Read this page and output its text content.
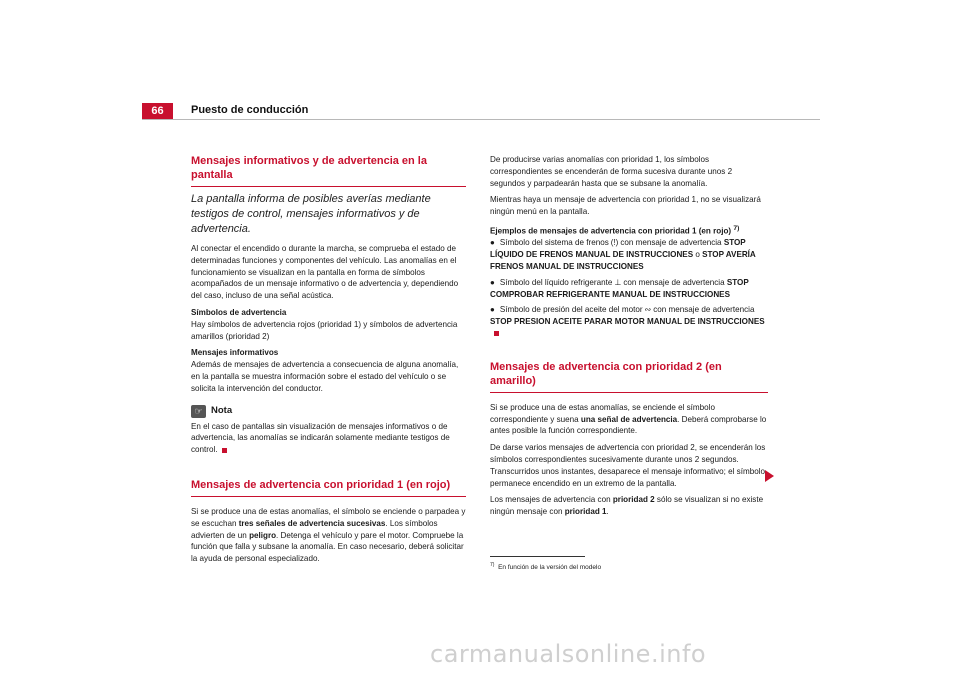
66	Puesto de conducción
Mensajes informativos y de advertencia en la pantalla
La pantalla informa de posibles averías mediante testigos de control, mensajes informativos y de advertencia.

Al conectar el encendido o durante la marcha, se comprueba el estado de determinadas funciones y componentes del vehículo. Las anomalías en el funcionamiento se visualizan en la pantalla en forma de símbolos acompañados de un mensaje informativo o de advertencia y, dependiendo del caso, incluso de una señal acústica.

Símbolos de advertencia

Hay símbolos de advertencia rojos (prioridad 1) y símbolos de advertencia amarillos (prioridad 2)

Mensajes informativos

Además de mensajes de advertencia a consecuencia de alguna anomalía, en la pantalla se muestra información sobre el estado del vehículo o se solicita la intervención del conductor.

☞ Nota

En el caso de pantallas sin visualización de mensajes informativos o de advertencia, las anomalías se indicarán solamente mediante testigos de control.

Mensajes de advertencia con prioridad 1 (en rojo)

Si se produce una de estas anomalías, el símbolo se enciende o parpadea y se escuchan tres señales de advertencia sucesivas. Los símbolos advierten de un peligro. Detenga el vehículo y pare el motor. Compruebe la función que falla y subsane la anomalía. En caso necesario, deberá solicitar la ayuda de personal especializado.

De producirse varias anomalías con prioridad 1, los símbolos correspondientes se encenderán de forma sucesiva durante unos 2 segundos y parpadearán hasta que se subsane la anomalía.

Mientras haya un mensaje de advertencia con prioridad 1, no se visualizará ningún menú en la pantalla.

Ejemplos de mensajes de advertencia con prioridad 1 (en rojo) $^{7)}$

● Símbolo del sistema de frenos (!) con mensaje de advertencia STOP LÍQUIDO DE FRENOS MANUAL DE INSTRUCCIONES o STOP AVERÍA FRENOS MANUAL DE INSTRUCCIONES

● Símbolo del líquido refrigerante ⊥ con mensaje de advertencia STOP COMPROBAR REFRIGERANTE MANUAL DE INSTRUCCIONES

● Símbolo de presión del aceite del motor ∾ con mensaje de advertencia STOP PRESION ACEITE PARAR MOTOR MANUAL DE INSTRUCCIONES

Mensajes de advertencia con prioridad 2 (en amarillo)

Si se produce una de estas anomalías, se enciende el símbolo correspondiente y suena una señal de advertencia. Deberá comprobarse lo antes posible la función correspondiente.

De darse varios mensajes de advertencia con prioridad 2, se encenderán los símbolos correspondientes sucesivamente durante unos 2 segundos. Transcurridos unos instantes, desaparece el mensaje informativo; el símbolo permanece encendido en un extremo de la pantalla.

Los mensajes de advertencia con prioridad 2 sólo se visualizan si no existe ningún mensaje con prioridad 1.

$^{7)}$ En función de la versión del modelo
carmanualsonline.info
